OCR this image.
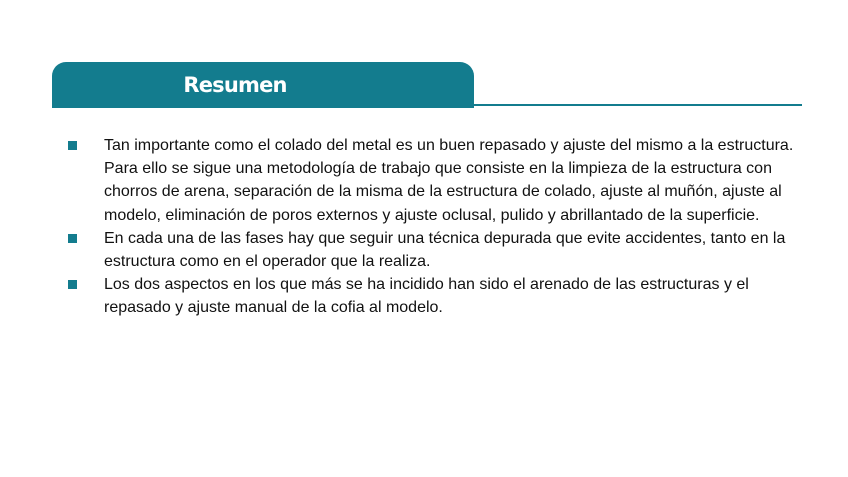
Resumen
Tan importante como el colado del metal es un buen repasado y ajuste del mismo a la estructura. Para ello se sigue una metodología de trabajo que consiste en la limpieza de la estructura con chorros de arena, separación de la misma de la estructura de colado, ajuste al muñón, ajuste al modelo, eliminación de poros externos y ajuste oclusal, pulido y abrillantado de la superficie.
En cada una de las fases hay que seguir una técnica depurada que evite accidentes, tanto en la estructura como en el operador que la realiza.
Los dos aspectos en los que más se ha incidido han sido el arenado de las estructuras y el repasado y ajuste manual de la cofia al modelo.
